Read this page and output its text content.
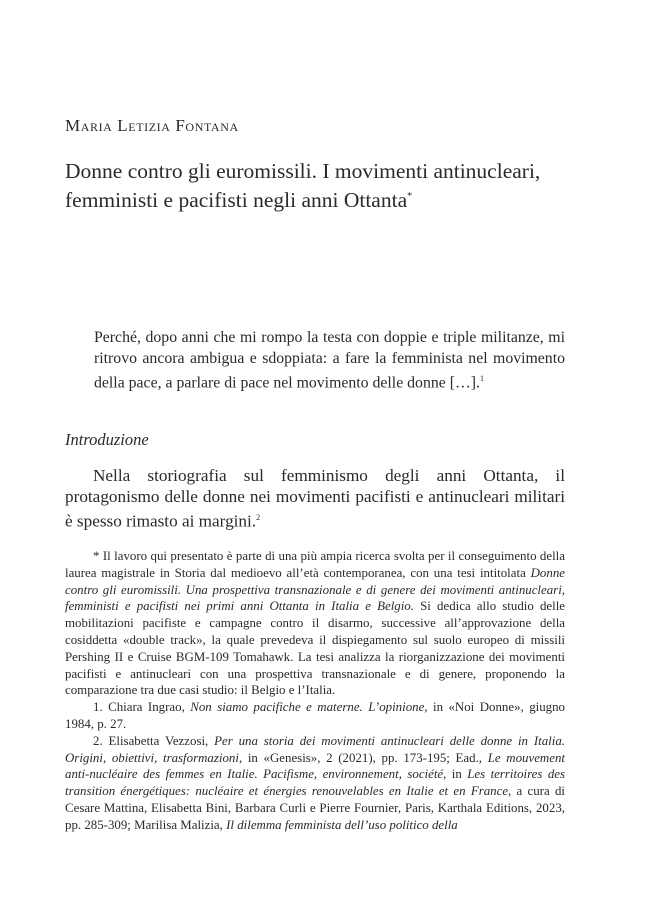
Maria Letizia Fontana
Donne contro gli euromissili. I movimenti antinucleari,
femministi e pacifisti negli anni Ottanta*
Perché, dopo anni che mi rompo la testa con doppie e triple militanze, mi ritrovo ancora ambigua e sdoppiata: a fare la femminista nel movimento della pace, a parlare di pace nel movimento delle donne […].$^1$
Introduzione
Nella storiografia sul femminismo degli anni Ottanta, il protagonismo delle donne nei movimenti pacifisti e antinucleari militari è spesso rimasto ai margini.$^2$

* Il lavoro qui presentato è parte di una più ampia ricerca svolta per il conseguimento della laurea magistrale in Storia dal medioevo all’età contemporanea, con una tesi intitolata Donne contro gli euromissili. Una prospettiva transnazionale e di genere dei movimenti antinucleari, femministi e pacifisti nei primi anni Ottanta in Italia e Belgio. Si dedica allo studio delle mobilitazioni pacifiste e campagne contro il disarmo, successive all’approvazione della cosiddetta «double track», la quale prevedeva il dispiegamento sul suolo europeo di missili Pershing II e Cruise BGM-109 Tomahawk. La tesi analizza la riorganizzazione dei movimenti pacifisti e antinucleari con una prospettiva transnazionale e di genere, proponendo la comparazione tra due casi studio: il Belgio e l’Italia.

1. Chiara Ingrao, Non siamo pacifiche e materne. L’opinione, in «Noi Donne», giugno 1984, p. 27.

2. Elisabetta Vezzosi, Per una storia dei movimenti antinucleari delle donne in Italia. Origini, obiettivi, trasformazioni, in «Genesis», 2 (2021), pp. 173-195; Ead., Le mouvement anti-nucléaire des femmes en Italie. Pacifisme, environnement, société, in Les territoires des transition énergétiques: nucléaire et énergies renouvelables en Italie et en France, a cura di Cesare Mattina, Elisabetta Bini, Barbara Curli e Pierre Fournier, Paris, Karthala Editions, 2023, pp. 285-309; Marilisa Malizia, Il dilemma femminista dell’uso politico della
